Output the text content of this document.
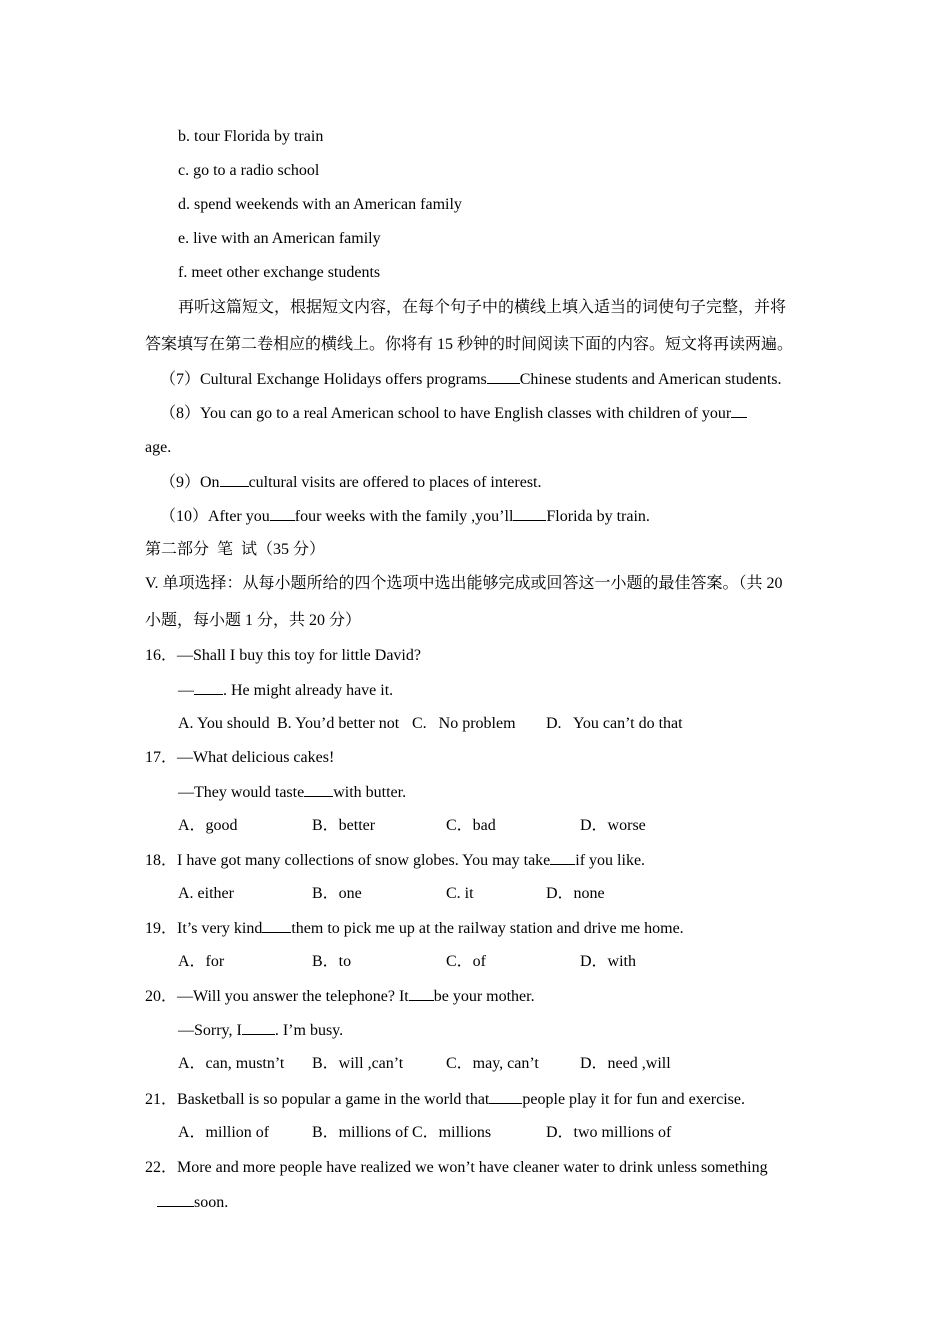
b. tour Florida by train
c. go to a radio school
d. spend weekends with an American family
e. live with an American family
f. meet other exchange students
再听这篇短文，根据短文内容，在每个句子中的横线上填入适当的词使句子完整，并将
答案填写在第二卷相应的横线上。你将有 15 秒钟的时间阅读下面的内容。短文将再读两遍。
（7）Cultural Exchange Holidays offers programs Chinese students and American students.
（8）You can go to a real American school to have English classes with children of your
age.
（9）On cultural visits are offered to places of interest.
（10）After you four weeks with the family ,you’ll Florida by train.
第二部分  笔  试（35 分）
V. 单项选择：从每小题所给的四个选项中选出能够完成或回答这一小题的最佳答案。（共 20
小题，每小题 1 分，共 20 分）
16．—Shall I buy this toy for little David?
— . He might already have it.
A. You should B. You’d better not C.   No problem D.   You can’t do that
17．—What delicious cakes!
—They would taste with butter.
A．good	B．better	C．bad	D．worse
18．I have got many collections of snow globes. You may take if you like.
A. either	B．one	C. it	D．none
19．It’s very kind them to pick me up at the railway station and drive me home.
A．for	B．to	C．of	D．with
20．—Will you answer the telephone? It be your mother.
—Sorry, I . I’m busy.
A．can, mustn’t B．will ,can’t	C．may, can’t	D．need ,will
21．Basketball is so popular a game in the world that people play it for fun and exercise.
A．million of	B．millions of C．millions	D．two millions of
22．More and more people have realized we won’t have cleaner water to drink unless something
soon.
